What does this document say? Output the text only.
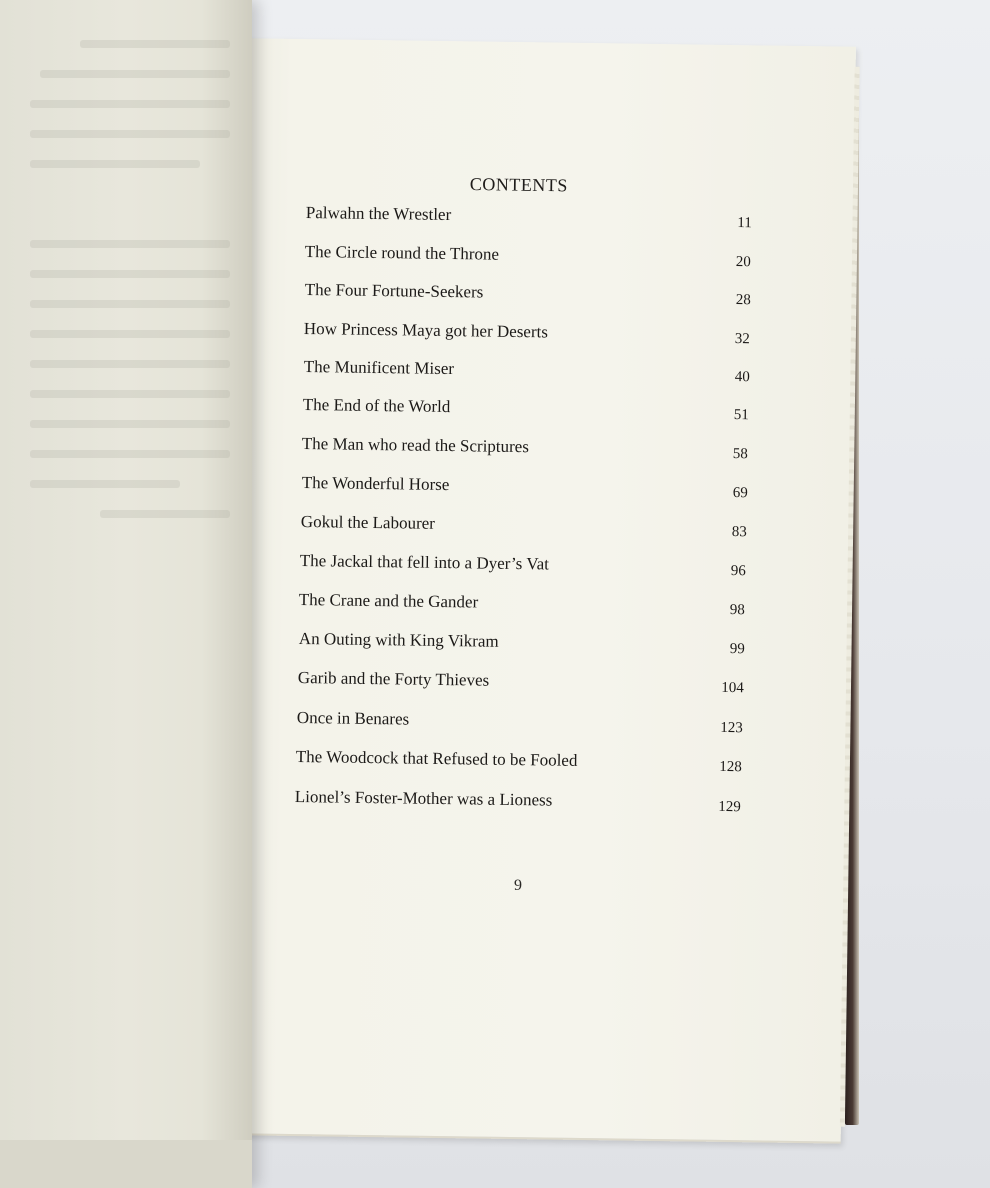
CONTENTS
Palwahn the Wrestler	11
The Circle round the Throne	20
The Four Fortune-Seekers	28
How Princess Maya got her Deserts	32
The Munificent Miser	40
The End of the World	51
The Man who read the Scriptures	58
The Wonderful Horse	69
Gokul the Labourer	83
The Jackal that fell into a Dyer’s Vat	96
The Crane and the Gander	98
An Outing with King Vikram	99
Garib and the Forty Thieves	104
Once in Benares	123
The Woodcock that Refused to be Fooled	128
Lionel’s Foster-Mother was a Lioness	129
9
